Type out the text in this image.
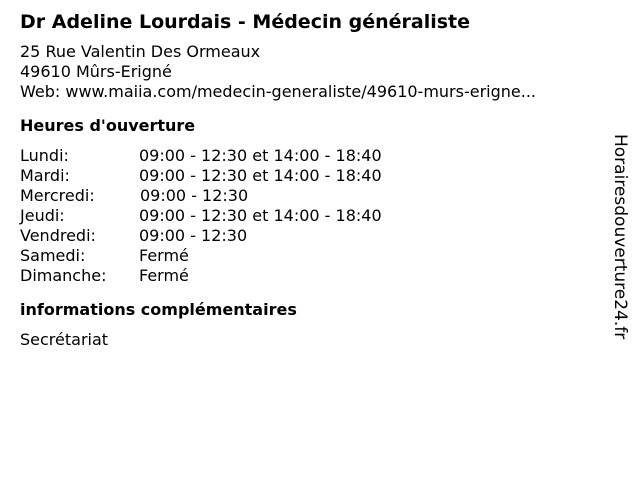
Dr Adeline Lourdais - Médecin généraliste
25 Rue Valentin Des Ormeaux
49610 Mûrs-Erigné
Web: www.maiia.com/medecin-generaliste/49610-murs-erigne...
Heures d'ouverture
Lundi:	09:00 - 12:30 et 14:00 - 18:40
Mardi:	09:00 - 12:30 et 14:00 - 18:40
Mercredi:	09:00 - 12:30
Jeudi:	09:00 - 12:30 et 14:00 - 18:40
Vendredi:	09:00 - 12:30
Samedi:	Fermé
Dimanche:	Fermé
informations complémentaires
Secrétariat
Horairesdouverture24.fr
